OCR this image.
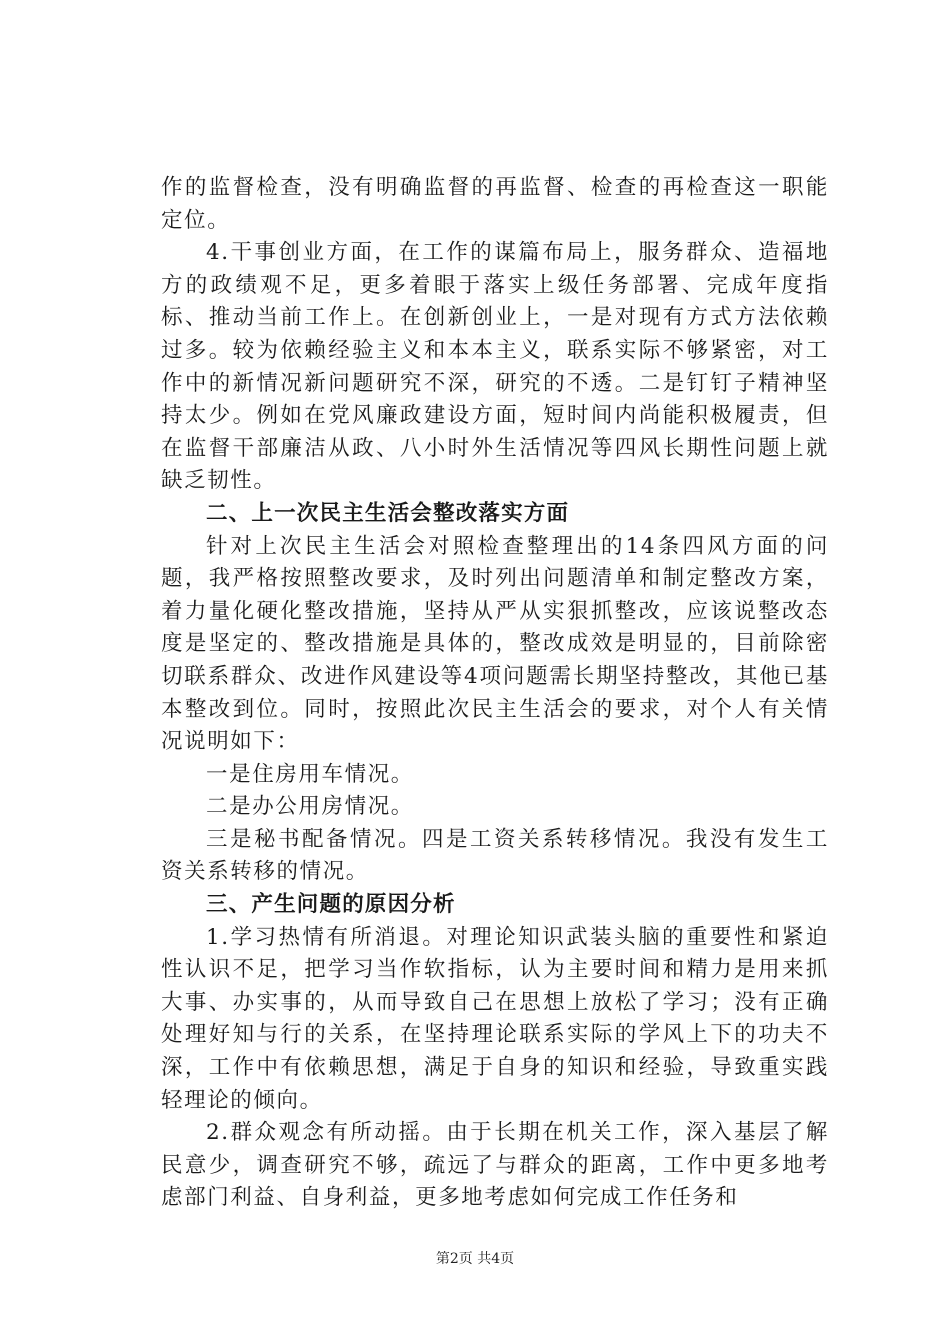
作的监督检查，没有明确监督的再监督、检查的再检查这一职能定位。

4.干事创业方面，在工作的谋篇布局上，服务群众、造福地方的政绩观不足，更多着眼于落实上级任务部署、完成年度指标、推动当前工作上。在创新创业上，一是对现有方式方法依赖过多。较为依赖经验主义和本本主义，联系实际不够紧密，对工作中的新情况新问题研究不深，研究的不透。二是钉钉子精神坚持太少。例如在党风廉政建设方面，短时间内尚能积极履责，但在监督干部廉洁从政、八小时外生活情况等四风长期性问题上就缺乏韧性。

二、上一次民主生活会整改落实方面

针对上次民主生活会对照检查整理出的14条四风方面的问题，我严格按照整改要求，及时列出问题清单和制定整改方案，着力量化硬化整改措施，坚持从严从实狠抓整改，应该说整改态度是坚定的、整改措施是具体的，整改成效是明显的，目前除密切联系群众、改进作风建设等4项问题需长期坚持整改，其他已基本整改到位。同时，按照此次民主生活会的要求，对个人有关情况说明如下：

一是住房用车情况。

二是办公用房情况。

三是秘书配备情况。四是工资关系转移情况。我没有发生工资关系转移的情况。

三、产生问题的原因分析

1.学习热情有所消退。对理论知识武装头脑的重要性和紧迫性认识不足，把学习当作软指标，认为主要时间和精力是用来抓大事、办实事的，从而导致自己在思想上放松了学习；没有正确处理好知与行的关系，在坚持理论联系实际的学风上下的功夫不深，工作中有依赖思想，满足于自身的知识和经验，导致重实践轻理论的倾向。

2.群众观念有所动摇。由于长期在机关工作，深入基层了解民意少，调查研究不够，疏远了与群众的距离，工作中更多地考虑部门利益、自身利益，更多地考虑如何完成工作任务和

第2页 共4页
